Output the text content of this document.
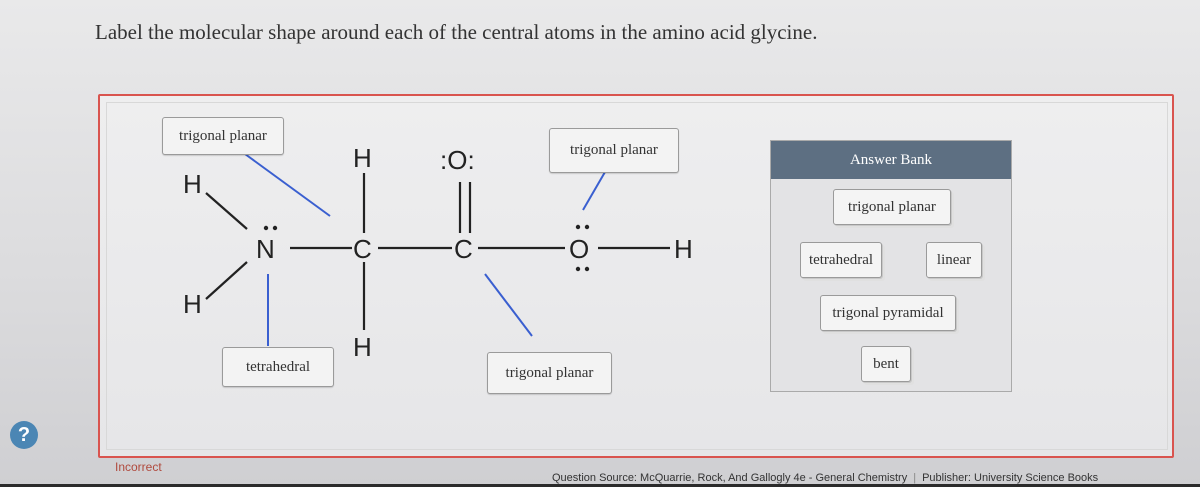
Label the molecular shape around each of the central atoms in the amino acid glycine.
H
H
N	C
H
H
:O:
C	O	H
trigonal planar
tetrahedral
trigonal planar
trigonal planar
Answer Bank
trigonal planar
tetrahedral	linear
trigonal pyramidal
bent
?
Incorrect
Question Source: McQuarrie, Rock, And Gallogly 4e - General Chemistry | Publisher: University Science Books
